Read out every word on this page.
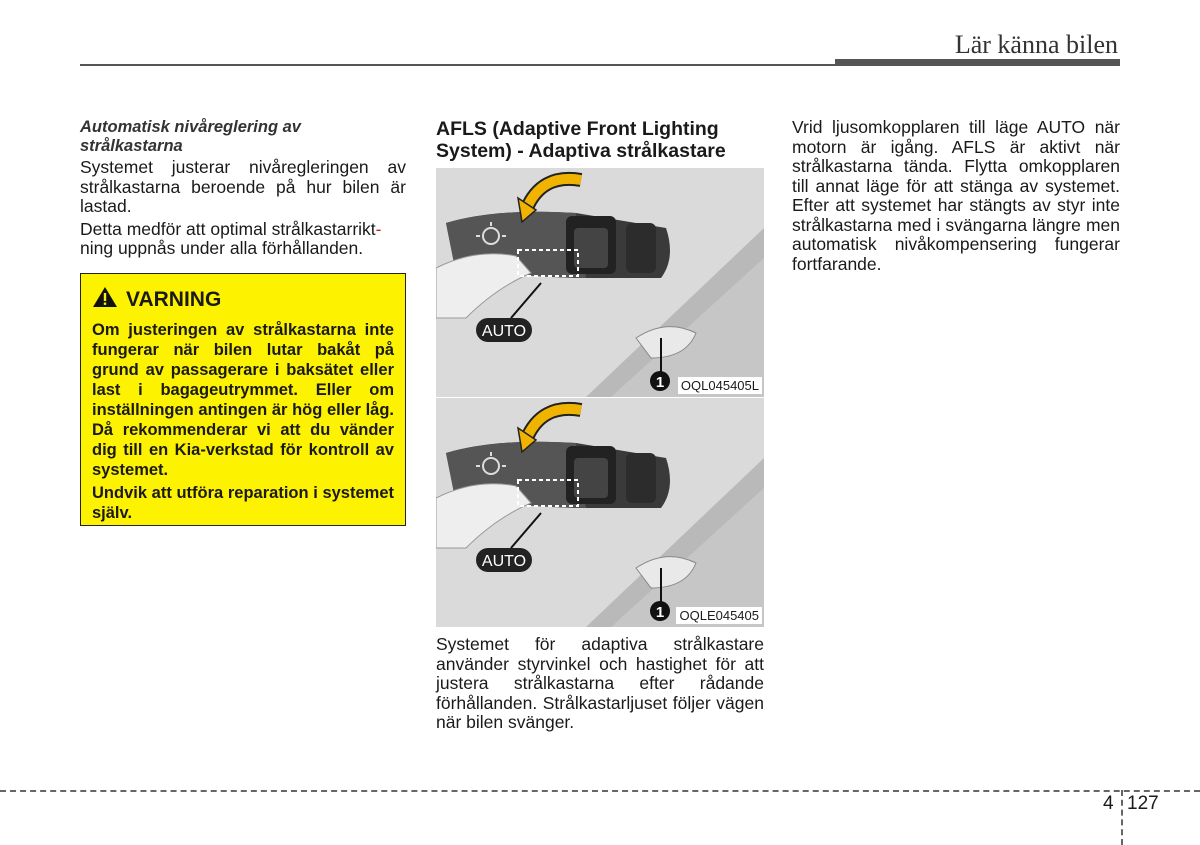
Lär känna bilen

Automatisk nivåreglering av strålkastarna

Systemet justerar nivåregleringen av strålkastarna beroende på hur bilen är lastad.

Detta medför att optimal strålkastarrikt-
ning uppnås under alla förhållanden.

VARNING

Om justeringen av strålkastarna inte fungerar när bilen lutar bakåt på grund av passagerare i baksätet eller last i bagageutrymmet. Eller om inställningen antingen är hög eller låg. Då rekommenderar vi att du vänder dig till en Kia-verkstad för kontroll av systemet.

Undvik att utföra reparation i systemet själv.

AFLS (Adaptive Front Lighting System) - Adaptiva strålkastare

AUTO
1 OQL045405L
AUTO
1 OQLE045405

Systemet för adaptiva strålkastare använder styrvinkel och hastighet för att justera strålkastarna efter rådande förhållanden. Strålkastarljuset följer vägen när bilen svänger.

Vrid ljusomkopplaren till läge AUTO när motorn är igång. AFLS är aktivt när strålkastarna tända. Flytta omkopplaren till annat läge för att stänga av systemet. Efter att systemet har stängts av styr inte strålkastarna med i svängarna längre men automatisk nivåkompensering fungerar fortfarande.

4 127
